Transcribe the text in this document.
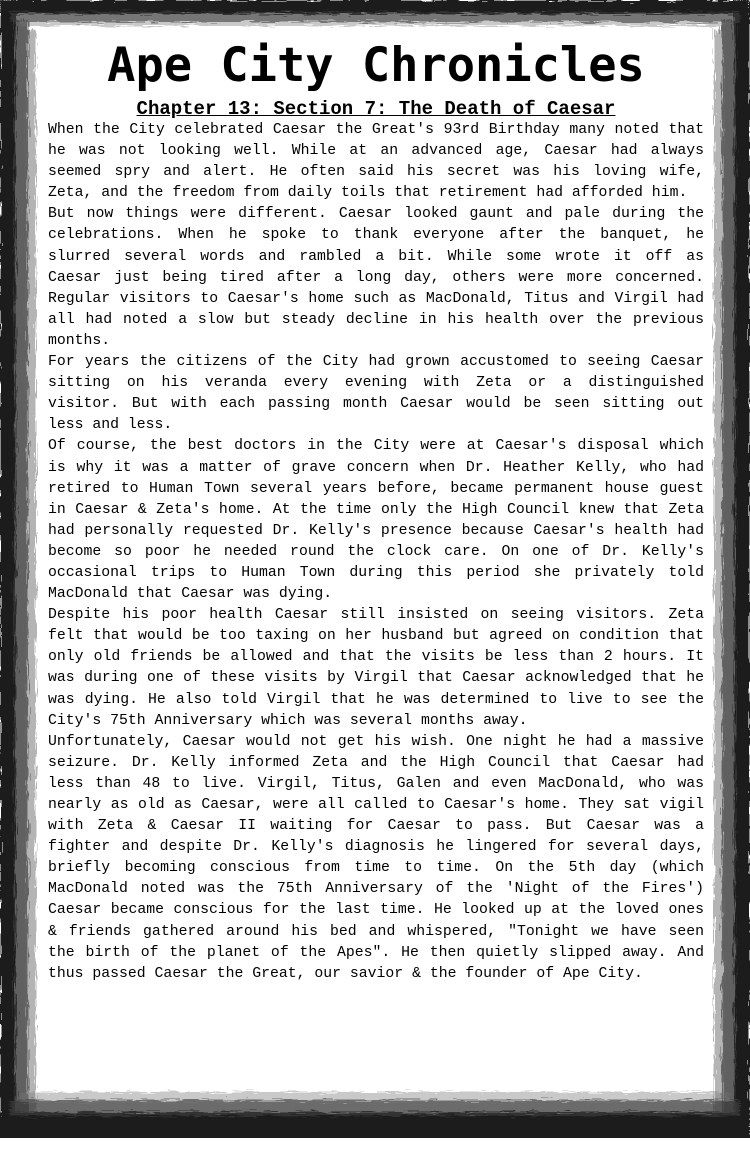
Ape City Chronicles
Chapter 13: Section 7: The Death of Caesar

When the City celebrated Caesar the Great's 93rd Birthday many noted that he was not looking well. While at an advanced age, Caesar had always seemed spry and alert. He often said his secret was his loving wife, Zeta, and the freedom from daily toils that retirement had afforded him.

But now things were different. Caesar looked gaunt and pale during the celebrations. When he spoke to thank everyone after the banquet, he slurred several words and rambled a bit. While some wrote it off as Caesar just being tired after a long day, others were more concerned. Regular visitors to Caesar's home such as MacDonald, Titus and Virgil had all had noted a slow but steady decline in his health over the previous months.

For years the citizens of the City had grown accustomed to seeing Caesar sitting on his veranda every evening with Zeta or a distinguished visitor. But with each passing month Caesar would be seen sitting out less and less.

Of course, the best doctors in the City were at Caesar's disposal which is why it was a matter of grave concern when Dr. Heather Kelly, who had retired to Human Town several years before, became permanent house guest in Caesar & Zeta's home. At the time only the High Council knew that Zeta had personally requested Dr. Kelly's presence because Caesar's health had become so poor he needed round the clock care. On one of Dr. Kelly's occasional trips to Human Town during this period she privately told MacDonald that Caesar was dying.

Despite his poor health Caesar still insisted on seeing visitors. Zeta felt that would be too taxing on her husband but agreed on condition that only old friends be allowed and that the visits be less than 2 hours. It was during one of these visits by Virgil that Caesar acknowledged that he was dying. He also told Virgil that he was determined to live to see the City's 75th Anniversary which was several months away.

Unfortunately, Caesar would not get his wish. One night he had a massive seizure. Dr. Kelly informed Zeta and the High Council that Caesar had less than 48 to live. Virgil, Titus, Galen and even MacDonald, who was nearly as old as Caesar, were all called to Caesar's home. They sat vigil with Zeta & Caesar II waiting for Caesar to pass. But Caesar was a fighter and despite Dr. Kelly's diagnosis he lingered for several days, briefly becoming conscious from time to time. On the 5th day (which MacDonald noted was the 75th Anniversary of the 'Night of the Fires') Caesar became conscious for the last time. He looked up at the loved ones & friends gathered around his bed and whispered, "Tonight we have seen the birth of the planet of the Apes". He then quietly slipped away. And thus passed Caesar the Great, our savior & the founder of Ape City.
